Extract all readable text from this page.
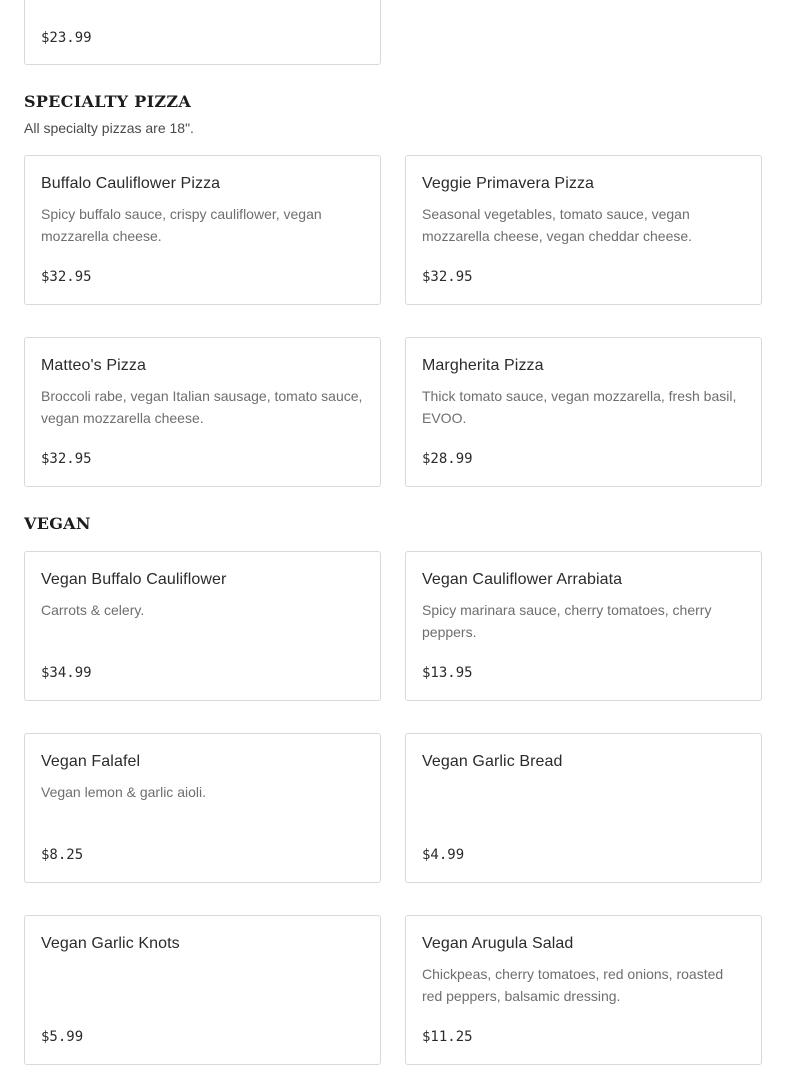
$23.99
SPECIALTY PIZZA
All specialty pizzas are 18".
Buffalo Cauliflower Pizza
Spicy buffalo sauce, crispy cauliflower, vegan mozzarella cheese.
$32.95
Veggie Primavera Pizza
Seasonal vegetables, tomato sauce, vegan mozzarella cheese, vegan cheddar cheese.
$32.95
Matteo's Pizza
Broccoli rabe, vegan Italian sausage, tomato sauce, vegan mozzarella cheese.
$32.95
Margherita Pizza
Thick tomato sauce, vegan mozzarella, fresh basil, EVOO.
$28.99
VEGAN
Vegan Buffalo Cauliflower
Carrots & celery.
$34.99
Vegan Cauliflower Arrabiata
Spicy marinara sauce, cherry tomatoes, cherry peppers.
$13.95
Vegan Falafel
Vegan lemon & garlic aioli.
$8.25
Vegan Garlic Bread
$4.99
Vegan Garlic Knots
$5.99
Vegan Arugula Salad
Chickpeas, cherry tomatoes, red onions, roasted red peppers, balsamic dressing.
$11.25
